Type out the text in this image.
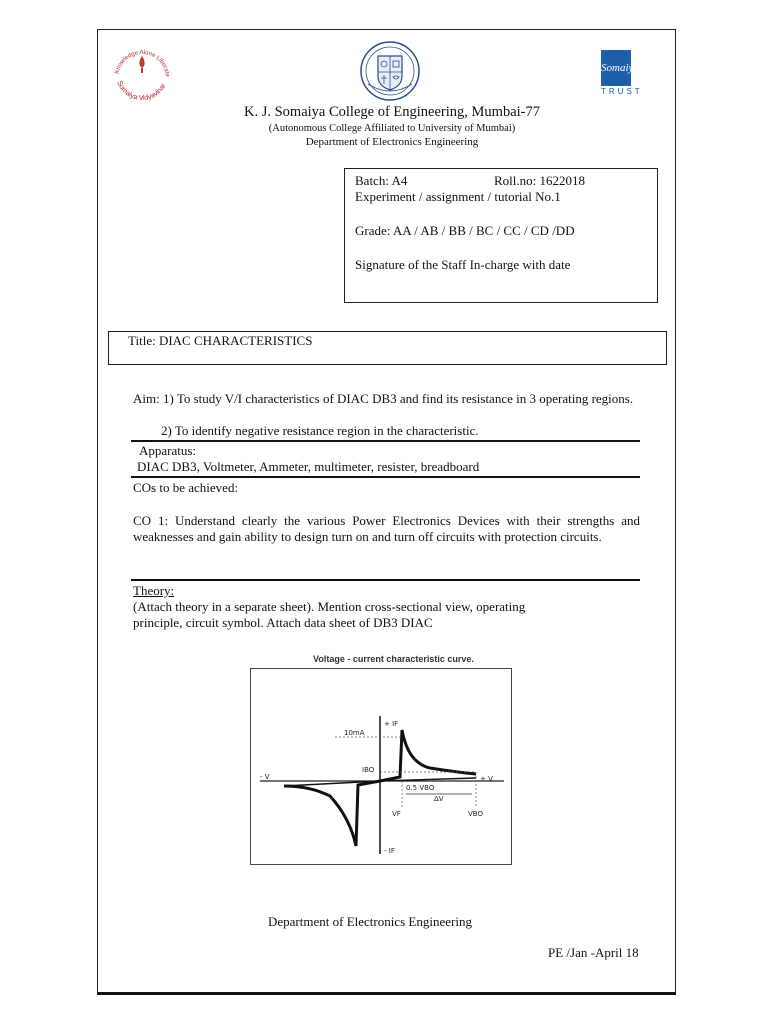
Knowledge Alone Liberate
Somaiya Vidyavihar
Somaiya
TRUST
K. J. Somaiya College of Engineering, Mumbai-77
(Autonomous College Affiliated to University of Mumbai)
Department of Electronics Engineering
Batch: A4	Roll.no: 1622018
Experiment / assignment / tutorial No.1
Grade: AA / AB / BB / BC / CC / CD /DD
Signature of the Staff In-charge with date
Title: DIAC CHARACTERISTICS
Aim: 1) To study V/I characteristics of DIAC DB3 and find its resistance in 3 operating regions.
2) To identify negative resistance region in the characteristic.
Apparatus:
DIAC DB3, Voltmeter, Ammeter, multimeter, resister, breadboard
COs to be achieved:
CO 1: Understand clearly the various Power Electronics Devices with their strengths and weaknesses and gain ability to design turn on and turn off circuits with protection circuits.
Theory:
(Attach theory in a separate sheet). Mention cross-sectional view, operating
principle, circuit symbol. Attach data sheet of DB3 DIAC
Voltage - current characteristic curve.
+ IF
- IF
+ V
- V
10mA
IBO
0.5 VBO
ΔV
VF	VBO
Department of Electronics Engineering
PE /Jan -April 18
